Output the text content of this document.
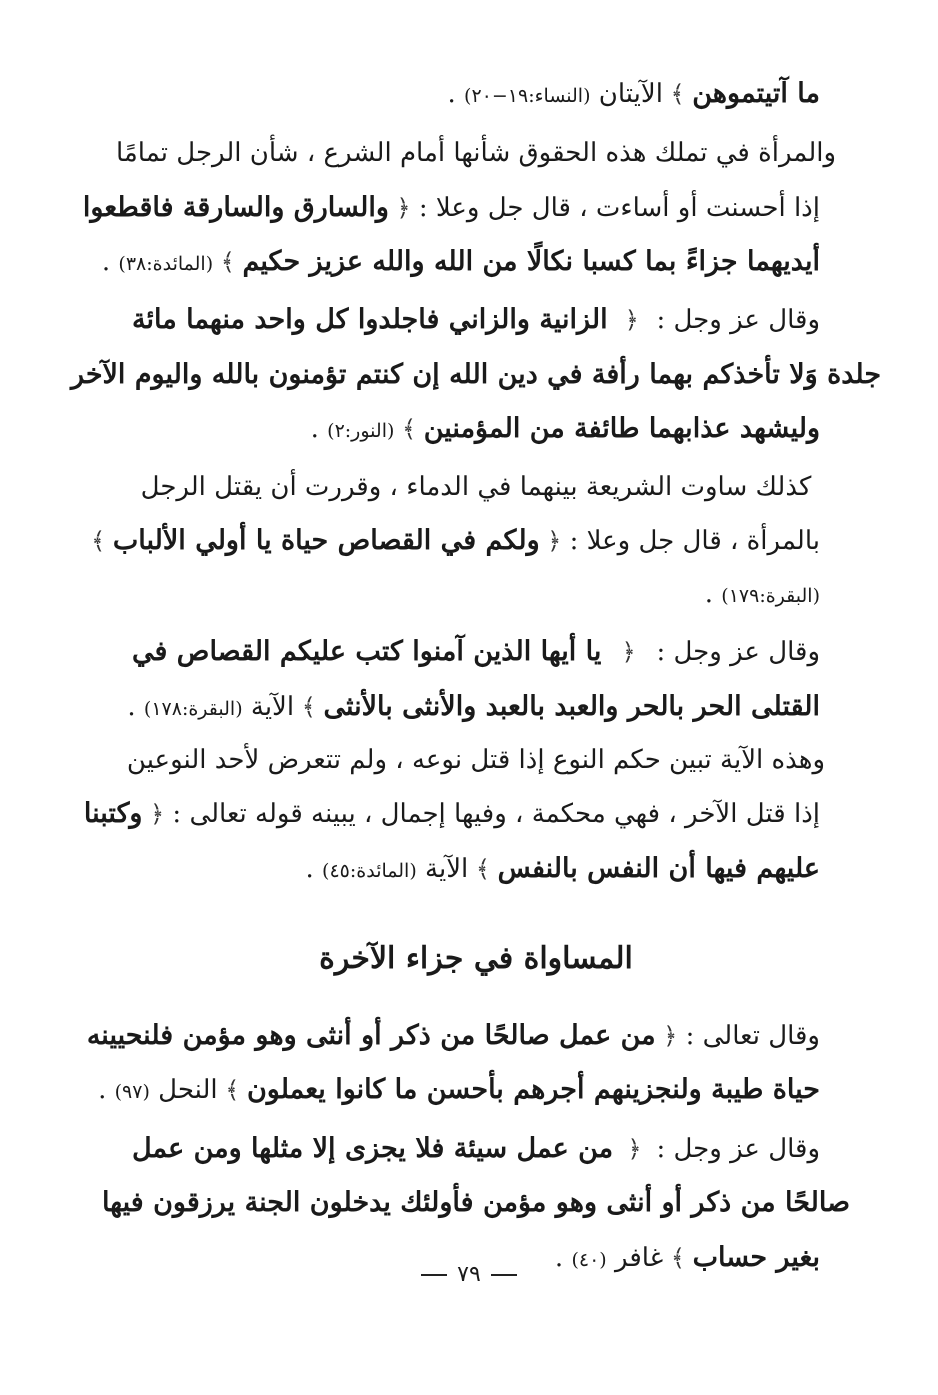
ما آتيتموهن
﴾
الآيتان
(النساء:١٩−٢٠)
.
والمرأة في تملك هذه الحقوق شأنها أمام الشرع ، شأن الرجل تمامًا
إذا أحسنت أو أساءت ، قال جل وعلا :
﴿
والسارق والسارقة فاقطعوا
أيديهما جزاءً بما كسبا نكالًا من الله والله عزيز حكيم
﴾
(المائدة:٣٨)
.
وقال عز وجل :
﴿
الزانية والزاني فاجلدوا كل واحد منهما مائة
جلدة وَلا تأخذكم بهما رأفة في دين الله إن كنتم تؤمنون بالله واليوم الآخر
وليشهد عذابهما طائفة من المؤمنين
﴾
(النور:٢)
.
كذلك ساوت الشريعة بينهما في الدماء ، وقررت أن يقتل الرجل
بالمرأة ، قال جل وعلا :
﴿
ولكم في القصاص حياة يا أولي الألباب
﴾
(البقرة:١٧٩)
.
وقال عز وجل :
﴿
يا أيها الذين آمنوا كتب عليكم القصاص في
القتلى الحر بالحر والعبد بالعبد والأنثى بالأنثى
﴾
الآية
(البقرة:١٧٨)
.
وهذه الآية تبين حكم النوع إذا قتل نوعه ، ولم تتعرض لأحد النوعين
إذا قتل الآخر ، فهي محكمة ، وفيها إجمال ، يبينه قوله تعالى :
﴿
وكتبنا
عليهم فيها أن النفس بالنفس
﴾
الآية
(المائدة:٤٥)
.
المساواة في جزاء الآخرة
وقال تعالى :
﴿
من عمل صالحًا من ذكر أو أنثى وهو مؤمن فلنحيينه
حياة طيبة ولنجزينهم أجرهم بأحسن ما كانوا يعملون
﴾
النحل
(٩٧)
.
وقال عز وجل :
﴿
من عمل سيئة فلا يجزى إلا مثلها ومن عمل
صالحًا من ذكر أو أنثى وهو مؤمن فأولئك يدخلون الجنة يرزقون فيها
بغير حساب
﴾
غافر
(٤٠)
.
٧٩
